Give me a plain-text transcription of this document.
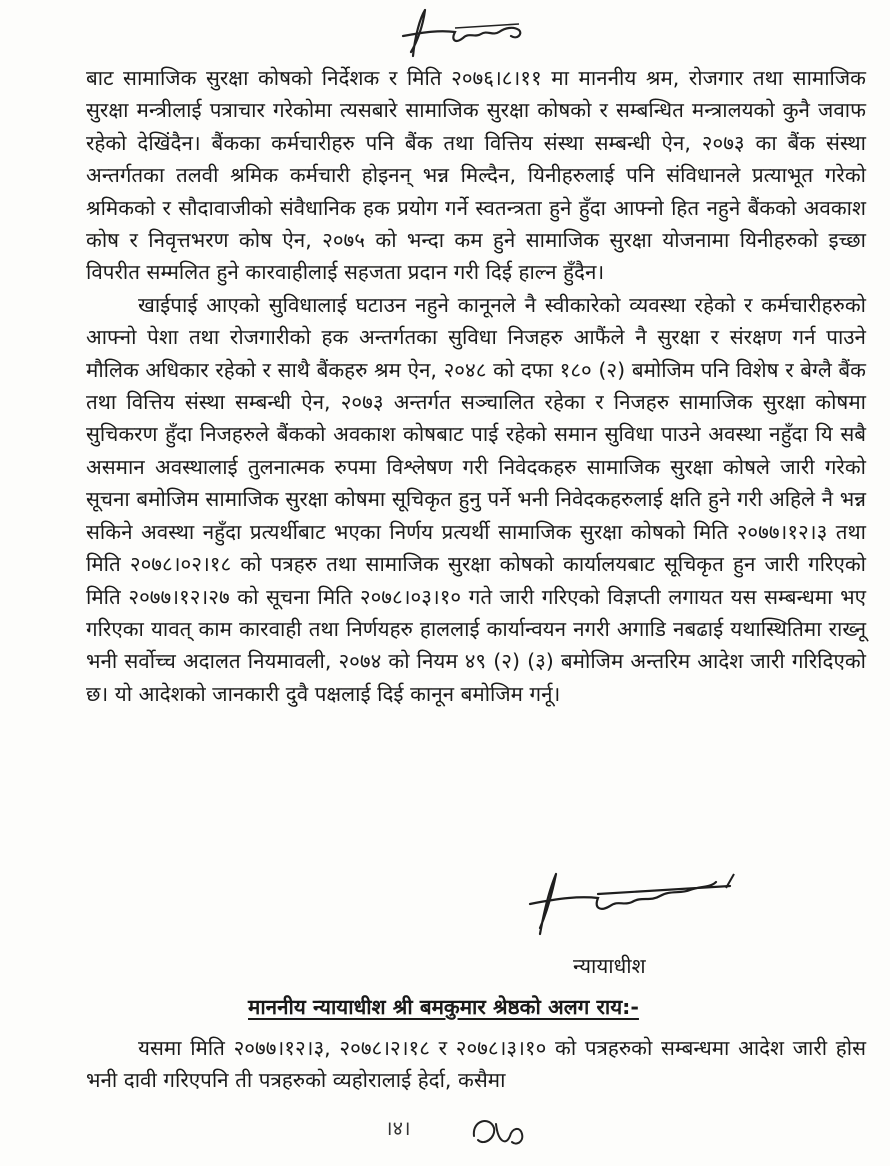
बाट सामाजिक सुरक्षा कोषको निर्देशक र मिति २०७६।८।११ मा माननीय श्रम, रोजगार तथा सामाजिक सुरक्षा मन्त्रीलाई पत्राचार गरेकोमा त्यसबारे सामाजिक सुरक्षा कोषको र सम्बन्धित मन्त्रालयको कुनै जवाफ रहेको देखिंदैन। बैंकका कर्मचारीहरु पनि बैंक तथा वित्तिय संस्था सम्बन्धी ऐन, २०७३ का बैंक संस्था अन्तर्गतका तलवी श्रमिक कर्मचारी होइनन् भन्न मिल्दैन, यिनीहरुलाई पनि संविधानले प्रत्याभूत गरेको श्रमिकको र सौदावाजीको संवैधानिक हक प्रयोग गर्ने स्वतन्त्रता हुने हुँदा आफ्नो हित नहुने बैंकको अवकाश कोष र निवृत्तभरण कोष ऐन, २०७५ को भन्दा कम हुने सामाजिक सुरक्षा योजनामा यिनीहरुको इच्छा विपरीत सम्मलित हुने कारवाहीलाई सहजता प्रदान गरी दिई हाल्न हुँदैन।

खाईपाई आएको सुविधालाई घटाउन नहुने कानूनले नै स्वीकारेको व्यवस्था रहेको र कर्मचारीहरुको आफ्नो पेशा तथा रोजगारीको हक अन्तर्गतका सुविधा निजहरु आफैंले नै सुरक्षा र संरक्षण गर्न पाउने मौलिक अधिकार रहेको र साथै बैंकहरु श्रम ऐन, २०४८ को दफा १८० (२) बमोजिम पनि विशेष र बेग्लै बैंक तथा वित्तिय संस्था सम्बन्धी ऐन, २०७३ अन्तर्गत सञ्चालित रहेका र निजहरु सामाजिक सुरक्षा कोषमा सुचिकरण हुँदा निजहरुले बैंकको अवकाश कोषबाट पाई रहेको समान सुविधा पाउने अवस्था नहुँदा यि सबै असमान अवस्थालाई तुलनात्मक रुपमा विश्लेषण गरी निवेदकहरु सामाजिक सुरक्षा कोषले जारी गरेको सूचना बमोजिम सामाजिक सुरक्षा कोषमा सूचिकृत हुनु पर्ने भनी निवेदकहरुलाई क्षति हुने गरी अहिले नै भन्न सकिने अवस्था नहुँदा प्रत्यर्थीबाट भएका निर्णय प्रत्यर्थी सामाजिक सुरक्षा कोषको मिति २०७७।१२।३ तथा मिति २०७८।०२।१८ को पत्रहरु तथा सामाजिक सुरक्षा कोषको कार्यालयबाट सूचिकृत हुन जारी गरिएको मिति २०७७।१२।२७ को सूचना मिति २०७८।०३।१० गते जारी गरिएको विज्ञप्ती लगायत यस सम्बन्धमा भए गरिएका यावत् काम कारवाही तथा निर्णयहरु हाललाई कार्यान्वयन नगरी अगाडि नबढाई यथास्थितिमा राख्नू भनी सर्वोच्च अदालत नियमावली, २०७४ को नियम ४९ (२) (३) बमोजिम अन्तरिम आदेश जारी गरिदिएको छ। यो आदेशको जानकारी दुवै पक्षलाई दिई कानून बमोजिम गर्नू।

न्यायाधीश
माननीय न्यायाधीश श्री बमकुमार श्रेष्ठको अलग राय:-

यसमा मिति २०७७।१२।३, २०७८।२।१८ र २०७८।३।१० को पत्रहरुको सम्बन्धमा आदेश जारी होस भनी दावी गरिएपनि ती पत्रहरुको व्यहोरालाई हेर्दा, कसैमा

।४।
